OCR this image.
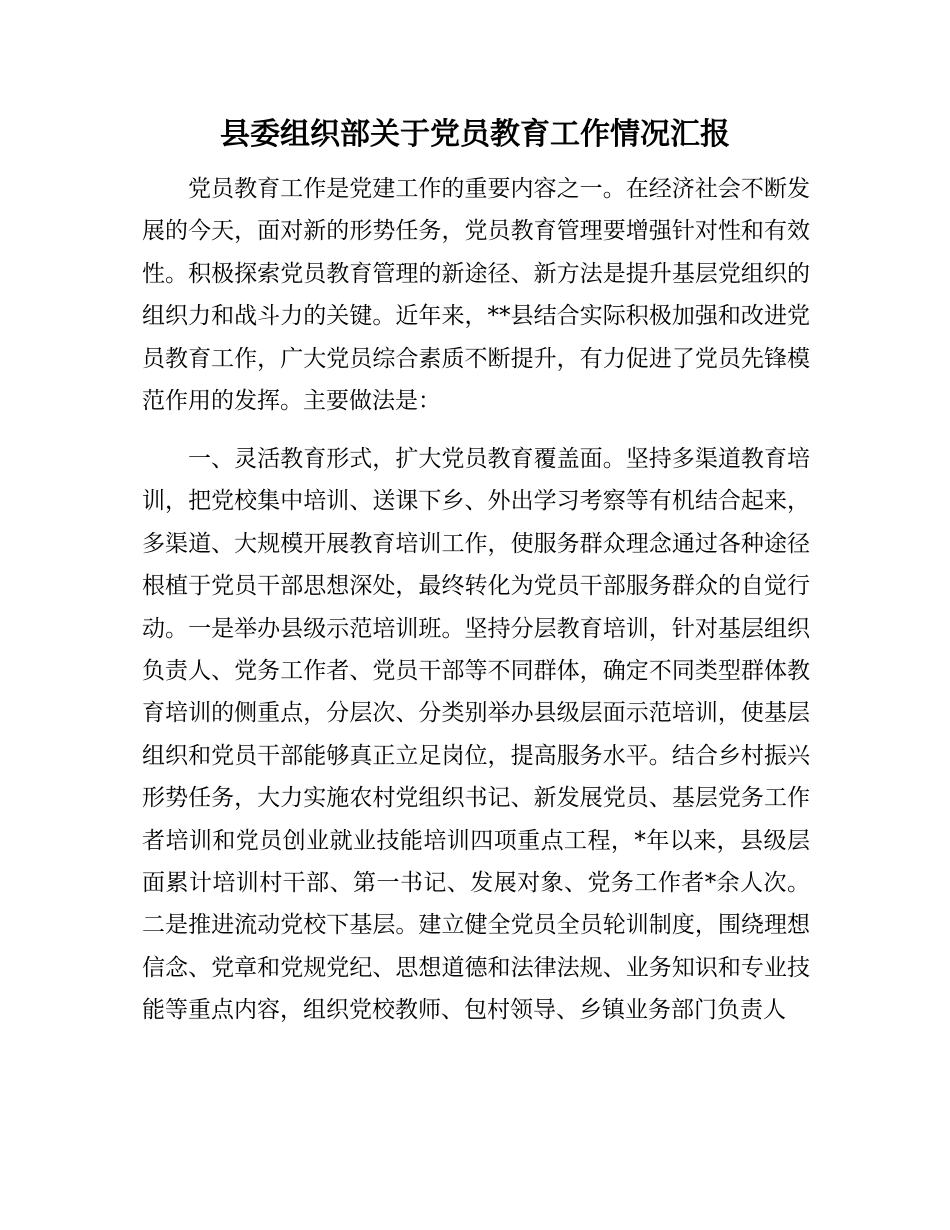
县委组织部关于党员教育工作情况汇报

党员教育工作是党建工作的重要内容之一。在经济社会不断发展的今天，面对新的形势任务，党员教育管理要增强针对性和有效性。积极探索党员教育管理的新途径、新方法是提升基层党组织的组织力和战斗力的关键。近年来，**县结合实际积极加强和改进党员教育工作，广大党员综合素质不断提升，有力促进了党员先锋模范作用的发挥。主要做法是：

一、灵活教育形式，扩大党员教育覆盖面。坚持多渠道教育培训，把党校集中培训、送课下乡、外出学习考察等有机结合起来，多渠道、大规模开展教育培训工作，使服务群众理念通过各种途径根植于党员干部思想深处，最终转化为党员干部服务群众的自觉行动。一是举办县级示范培训班。坚持分层教育培训，针对基层组织负责人、党务工作者、党员干部等不同群体，确定不同类型群体教育培训的侧重点，分层次、分类别举办县级层面示范培训，使基层组织和党员干部能够真正立足岗位，提高服务水平。结合乡村振兴形势任务，大力实施农村党组织书记、新发展党员、基层党务工作者培训和党员创业就业技能培训四项重点工程，*年以来，县级层面累计培训村干部、第一书记、发展对象、党务工作者*余人次。二是推进流动党校下基层。建立健全党员全员轮训制度，围绕理想信念、党章和党规党纪、思想道德和法律法规、业务知识和专业技能等重点内容，组织党校教师、包村领导、乡镇业务部门负责人
